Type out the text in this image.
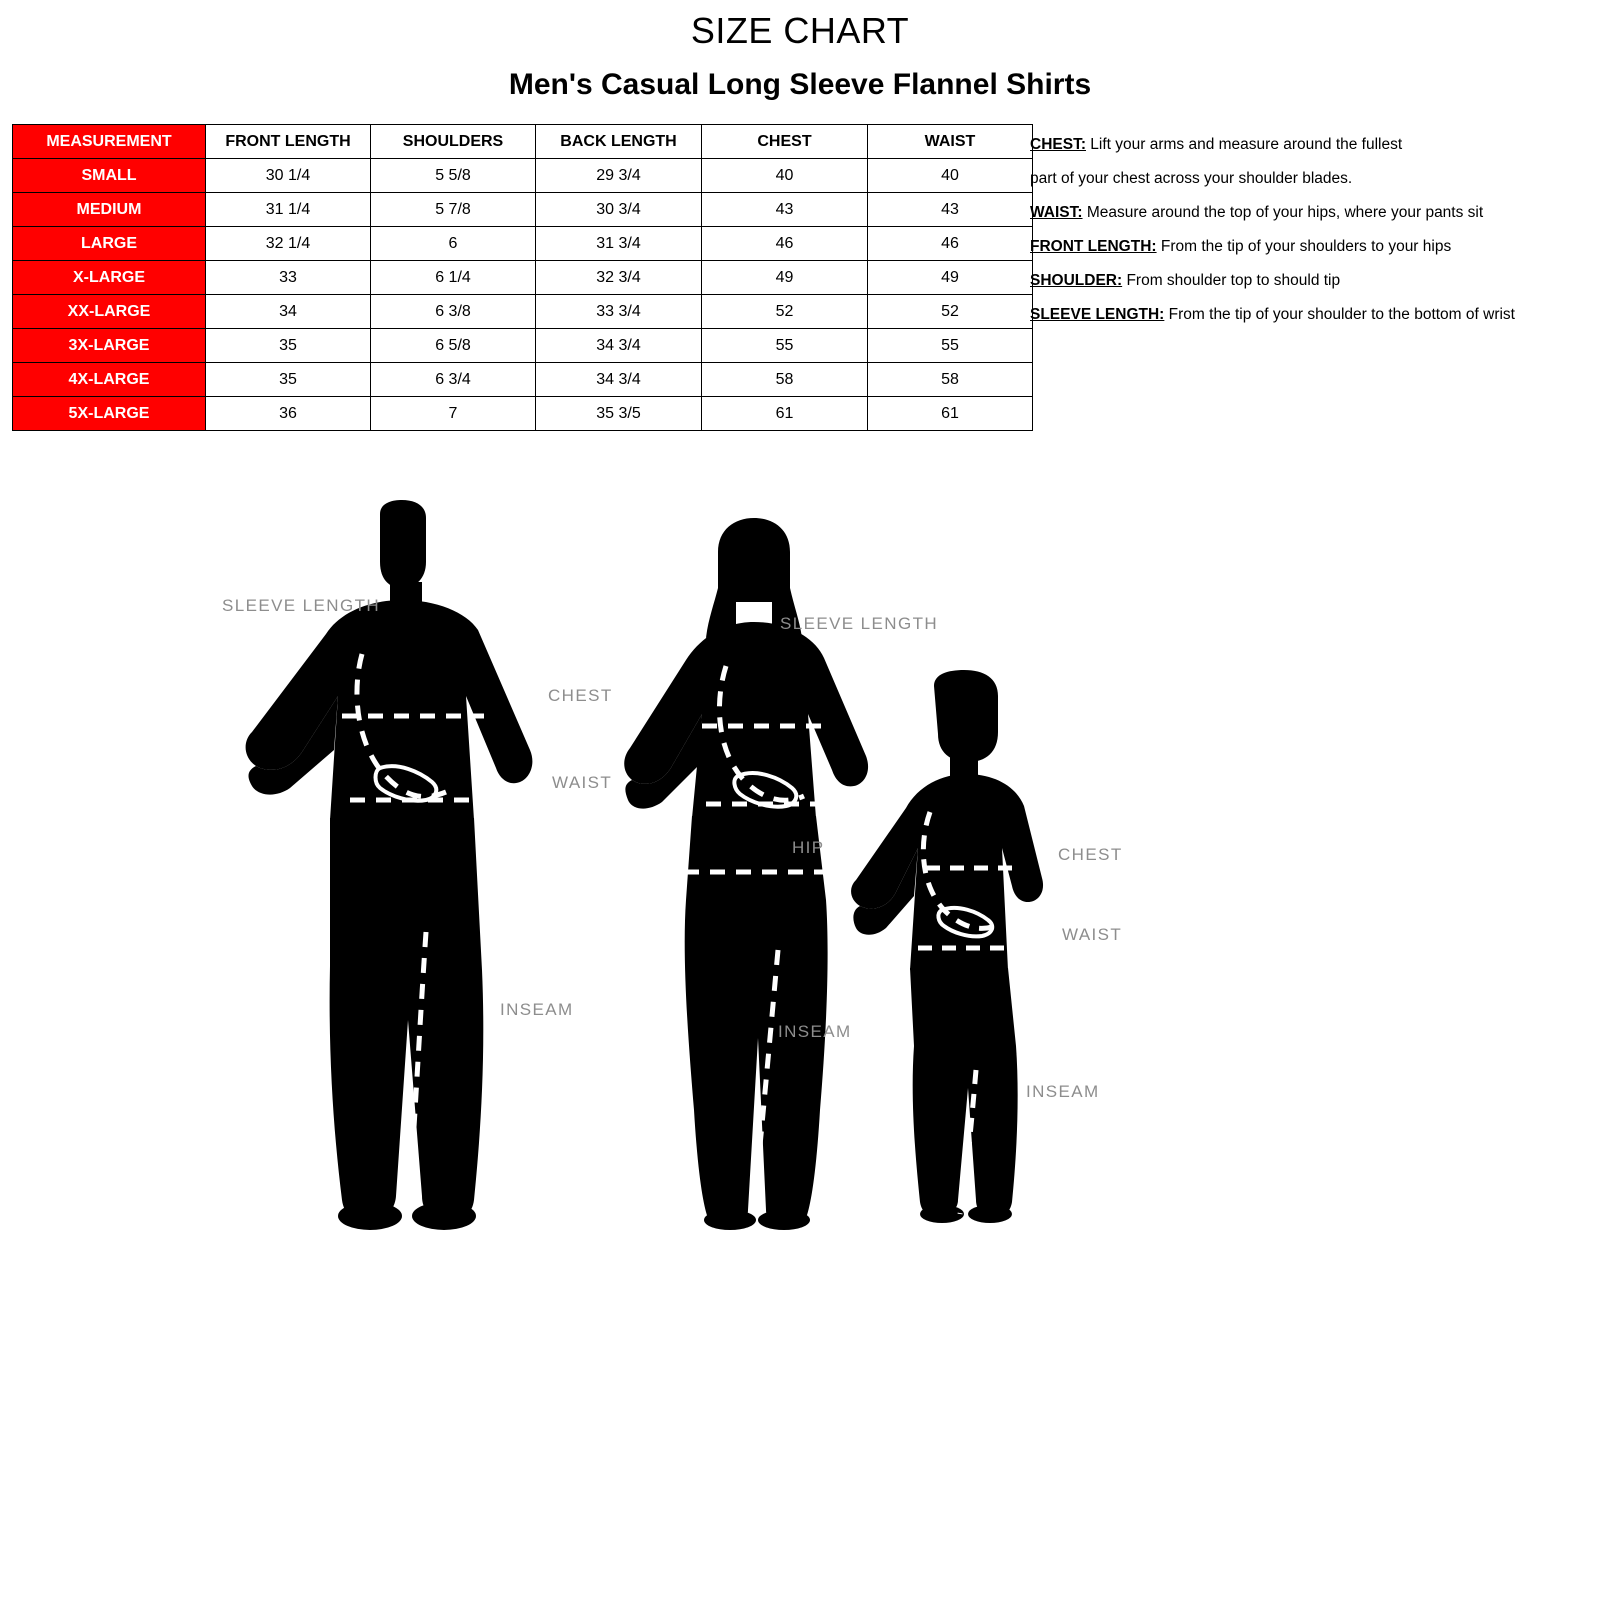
SIZE CHART
Men's Casual Long Sleeve Flannel Shirts
MEASUREMENT	FRONT LENGTH	SHOULDERS	BACK LENGTH	CHEST	WAIST
SMALL	30 1/4	5 5/8	29 3/4	40	40
MEDIUM	31 1/4	5 7/8	30 3/4	43	43
LARGE	32 1/4	6	31 3/4	46	46
X-LARGE	33	6 1/4	32 3/4	49	49
XX-LARGE	34	6 3/8	33 3/4	52	52
3X-LARGE	35	6 5/8	34 3/4	55	55
4X-LARGE	35	6 3/4	34 3/4	58	58
5X-LARGE	36	7	35 3/5	61	61
CHEST: Lift your arms and measure around the fullest
part of your chest across your shoulder blades.
WAIST: Measure around the top of your hips, where your pants sit
FRONT LENGTH: From the tip of your shoulders to your hips
SHOULDER: From shoulder top to should tip
SLEEVE LENGTH: From the tip of your shoulder to the bottom of wrist
SLEEVE LENGTH
CHEST
WAIST
INSEAM
SLEEVE LENGTH
HIP
INSEAM
CHEST
WAIST
INSEAM
